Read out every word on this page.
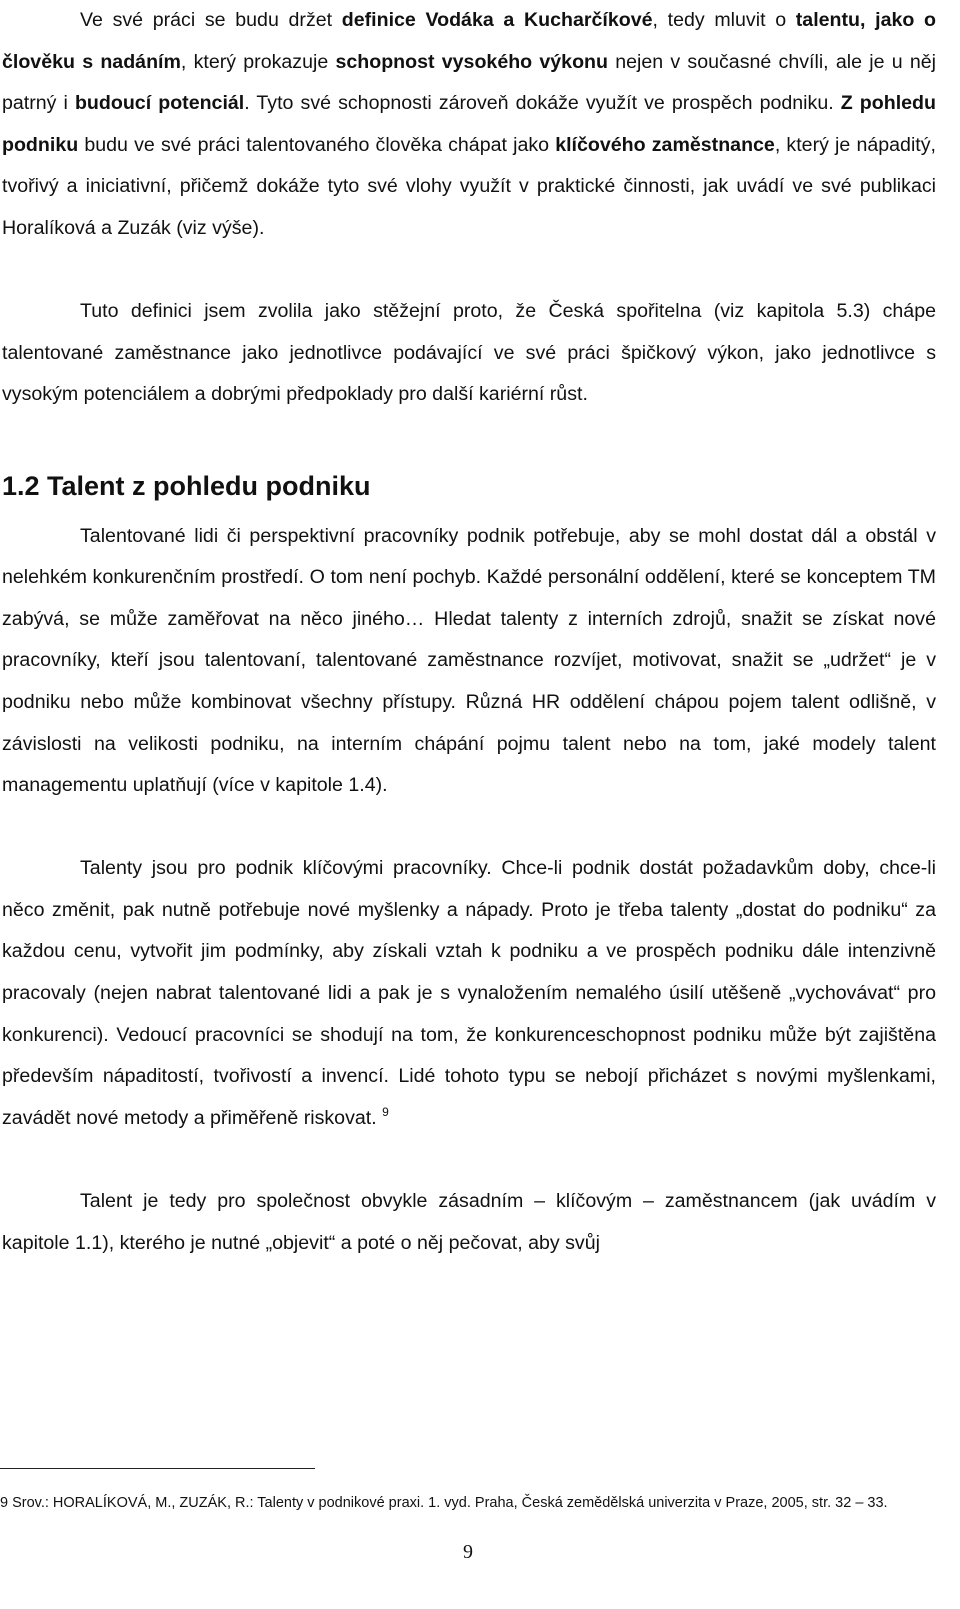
Ve své práci se budu držet definice Vodáka a Kucharčíkové, tedy mluvit o talentu, jako o člověku s nadáním, který prokazuje schopnost vysokého výkonu nejen v současné chvíli, ale je u něj patrný i budoucí potenciál. Tyto své schopnosti zároveň dokáže využít ve prospěch podniku. Z pohledu podniku budu ve své práci talentovaného člověka chápat jako klíčového zaměstnance, který je nápaditý, tvořivý a iniciativní, přičemž dokáže tyto své vlohy využít v praktické činnosti, jak uvádí ve své publikaci Horalíková a Zuzák (viz výše).

Tuto definici jsem zvolila jako stěžejní proto, že Česká spořitelna (viz kapitola 5.3) chápe talentované zaměstnance jako jednotlivce podávající ve své práci špičkový výkon, jako jednotlivce s vysokým potenciálem a dobrými předpoklady pro další kariérní růst.

1.2 Talent z pohledu podniku

Talentované lidi či perspektivní pracovníky podnik potřebuje, aby se mohl dostat dál a obstál v nelehkém konkurenčním prostředí. O tom není pochyb. Každé personální oddělení, které se konceptem TM zabývá, se může zaměřovat na něco jiného… Hledat talenty z interních zdrojů, snažit se získat nové pracovníky, kteří jsou talentovaní, talentované zaměstnance rozvíjet, motivovat, snažit se „udržet“ je v podniku nebo může kombinovat všechny přístupy. Různá HR oddělení chápou pojem talent odlišně, v závislosti na velikosti podniku, na interním chápání pojmu talent nebo na tom, jaké modely talent managementu uplatňují (více v kapitole 1.4).

Talenty jsou pro podnik klíčovými pracovníky. Chce-li podnik dostát požadavkům doby, chce-li něco změnit, pak nutně potřebuje nové myšlenky a nápady. Proto je třeba talenty „dostat do podniku“ za každou cenu, vytvořit jim podmínky, aby získali vztah k podniku a ve prospěch podniku dále intenzivně pracovaly (nejen nabrat talentované lidi a pak je s vynaložením nemalého úsilí utěšeně „vychovávat“ pro konkurenci). Vedoucí pracovníci se shodují na tom, že konkurenceschopnost podniku může být zajištěna především nápaditostí, tvořivostí a invencí. Lidé tohoto typu se nebojí přicházet s novými myšlenkami, zavádět nové metody a přiměřeně riskovat. $^9$

Talent je tedy pro společnost obvykle zásadním – klíčovým – zaměstnancem (jak uvádím v kapitole 1.1), kterého je nutné „objevit“ a poté o něj pečovat, aby svůj

9 Srov.: HORALÍKOVÁ, M., ZUZÁK, R.: Talenty v podnikové praxi. 1. vyd. Praha, Česká zemědělská univerzita v Praze, 2005, str. 32 – 33.

9
